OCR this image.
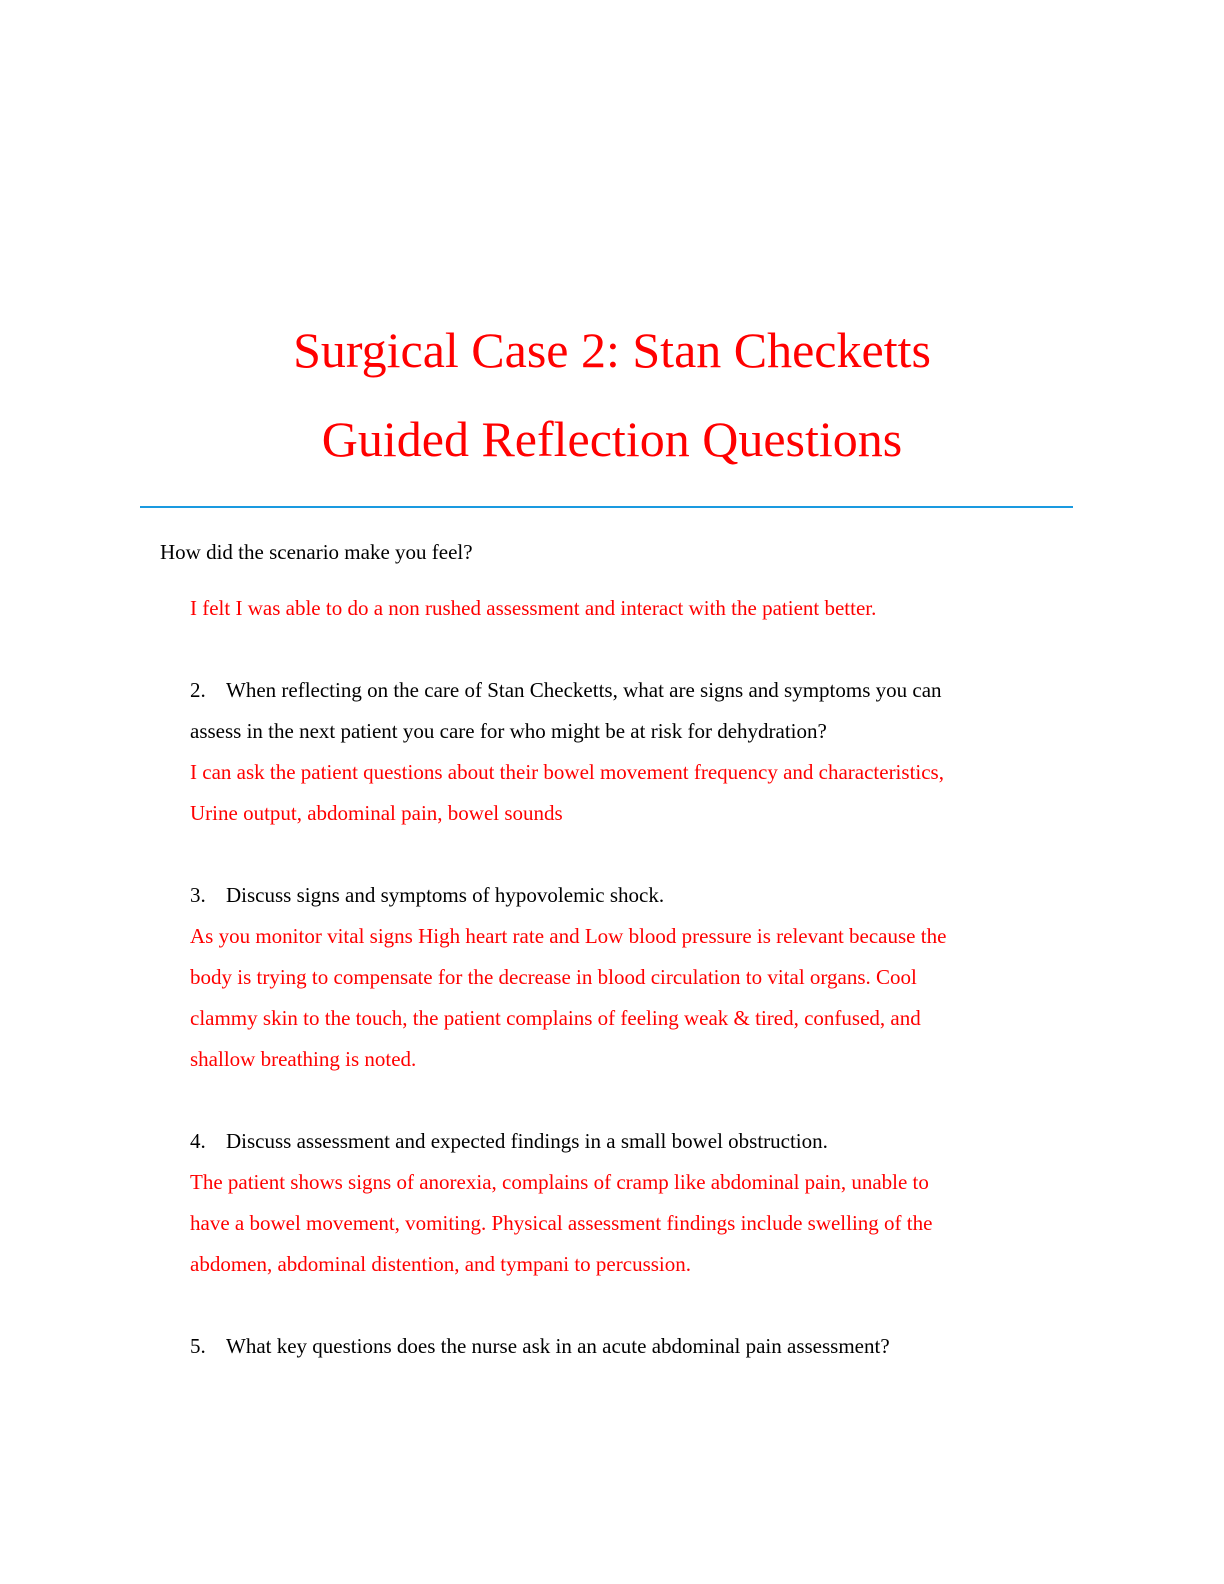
Surgical Case 2: Stan Checketts
Guided Reflection Questions
How did the scenario make you feel?
I felt I was able to do a non rushed assessment and interact with the patient better.
2. When reflecting on the care of Stan Checketts, what are signs and symptoms you can
assess in the next patient you care for who might be at risk for dehydration?
I can ask the patient questions about their bowel movement frequency and characteristics,
Urine output, abdominal pain, bowel sounds
3. Discuss signs and symptoms of hypovolemic shock.
As you monitor vital signs High heart rate and Low blood pressure is relevant because the
body is trying to compensate for the decrease in blood circulation to vital organs. Cool
clammy skin to the touch, the patient complains of feeling weak & tired, confused, and
shallow breathing is noted.
4. Discuss assessment and expected findings in a small bowel obstruction.
The patient shows signs of anorexia, complains of cramp like abdominal pain, unable to
have a bowel movement, vomiting. Physical assessment findings include swelling of the
abdomen, abdominal distention, and tympani to percussion.
5. What key questions does the nurse ask in an acute abdominal pain assessment?
